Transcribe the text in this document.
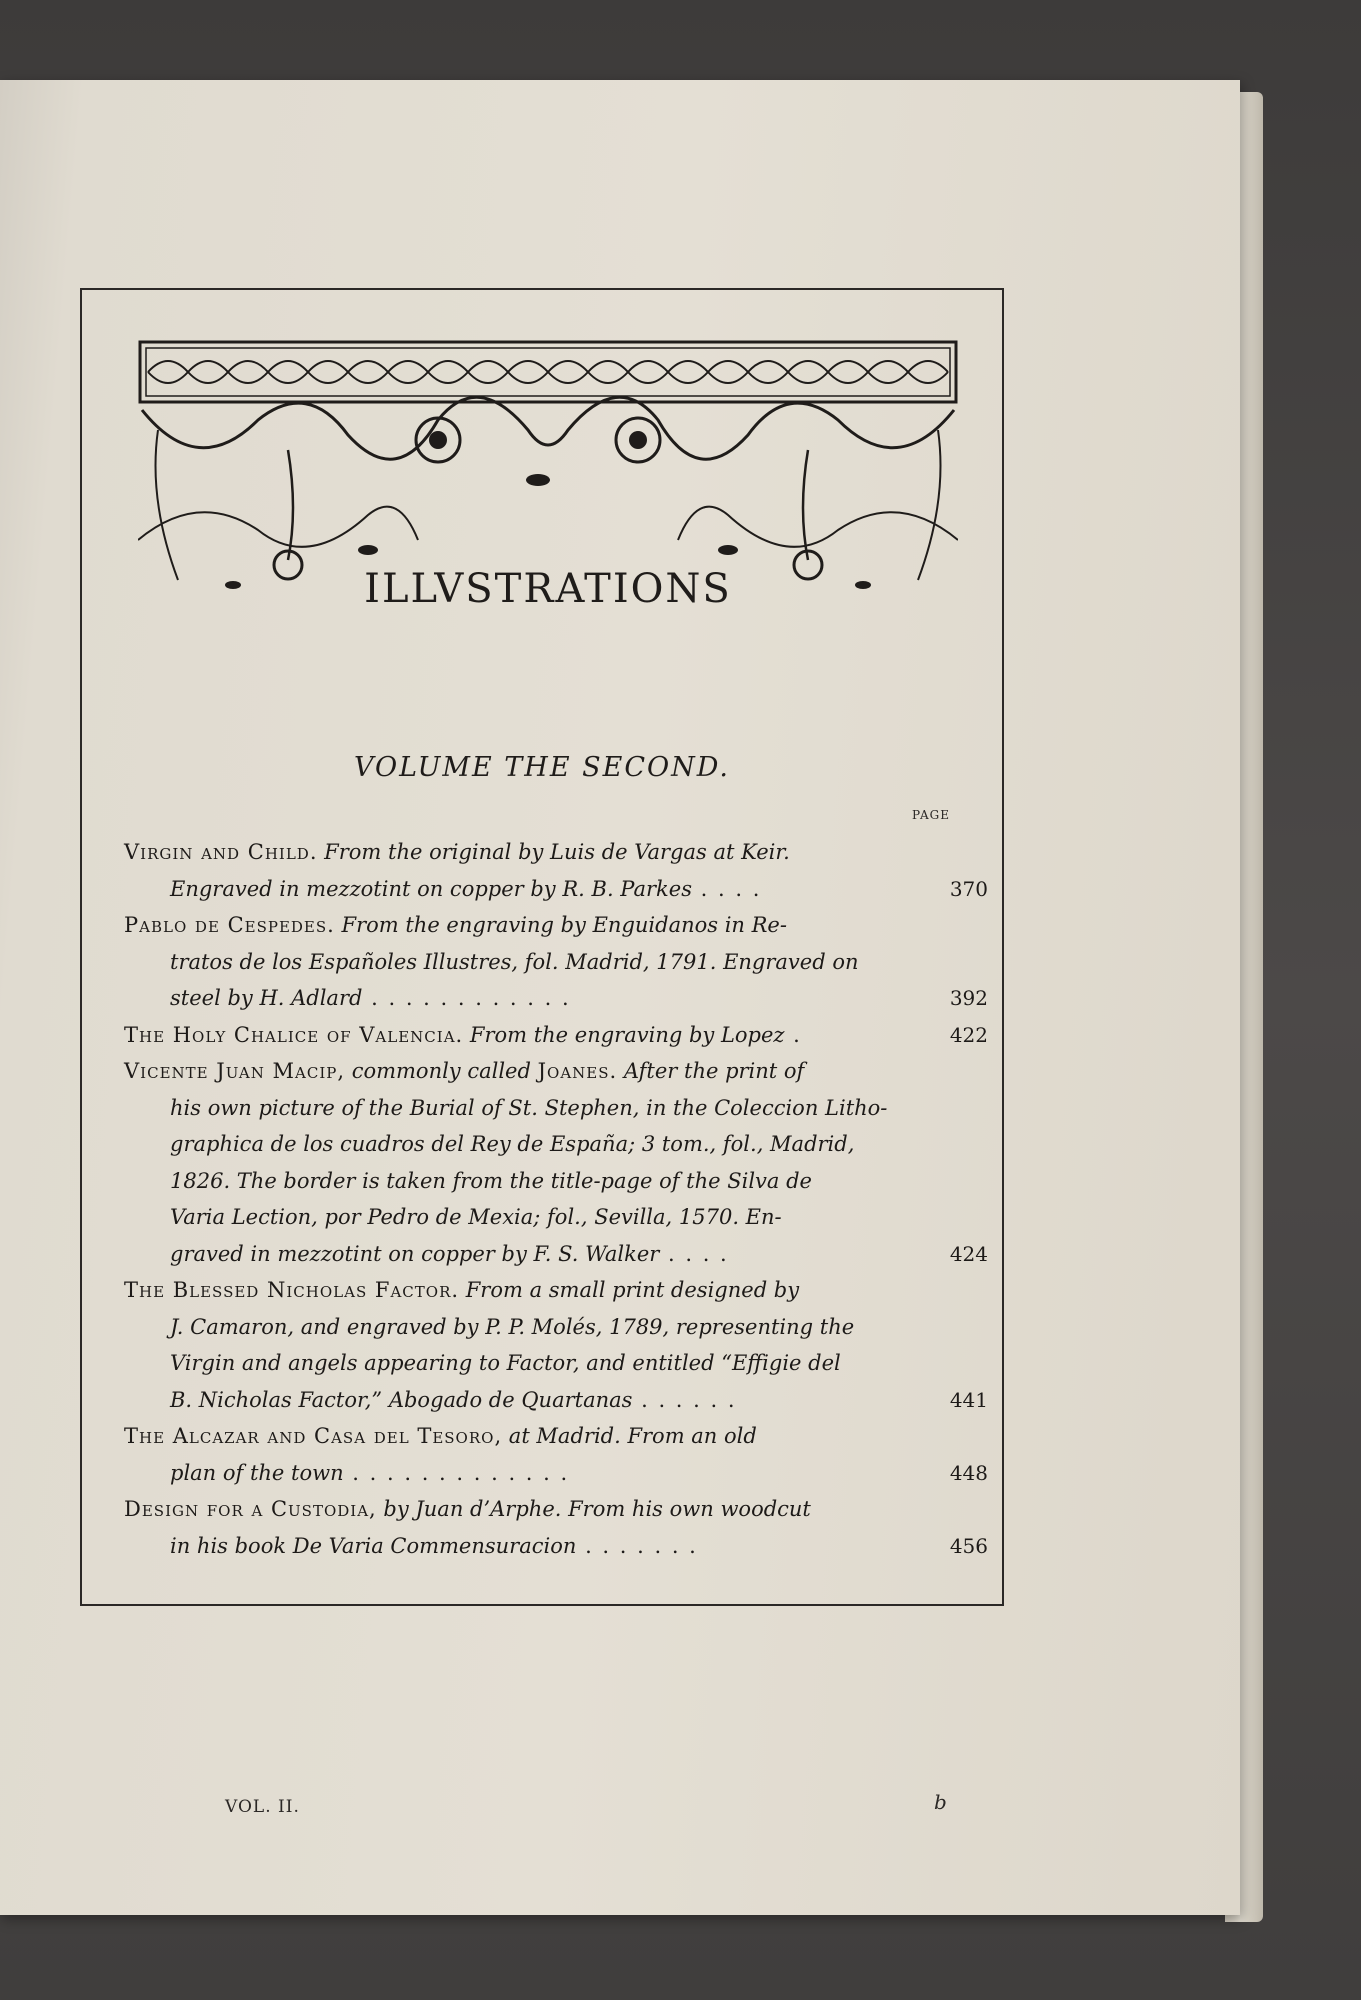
ILLVSTRATIONS
VOLUME THE SECOND.
PAGE
Virgin and Child. From the original by Luis de Vargas at Keir.
Engraved in mezzotint on copper by R. B. Parkes . . . .	370
Pablo de Cespedes. From the engraving by Enguidanos in Re-
tratos de los Españoles Illustres, fol. Madrid, 1791. Engraved on
steel by H. Adlard . . . . . . . . . . . .	392
The Holy Chalice of Valencia. From the engraving by Lopez .	422
Vicente Juan Macip, commonly called Joanes. After the print of
his own picture of the Burial of St. Stephen, in the Coleccion Litho-
graphica de los cuadros del Rey de España; 3 tom., fol., Madrid,
1826. The border is taken from the title-page of the Silva de
Varia Lection, por Pedro de Mexia; fol., Sevilla, 1570. En-
graved in mezzotint on copper by F. S. Walker . . . .	424
The Blessed Nicholas Factor. From a small print designed by
J. Camaron, and engraved by P. P. Molés, 1789, representing the
Virgin and angels appearing to Factor, and entitled “Effigie del
B. Nicholas Factor,” Abogado de Quartanas . . . . . .	441
The Alcazar and Casa del Tesoro, at Madrid. From an old
plan of the town . . . . . . . . . . . . .	448
Design for a Custodia, by Juan d’Arphe. From his own woodcut
in his book De Varia Commensuracion . . . . . . .	456
VOL. II.	b
